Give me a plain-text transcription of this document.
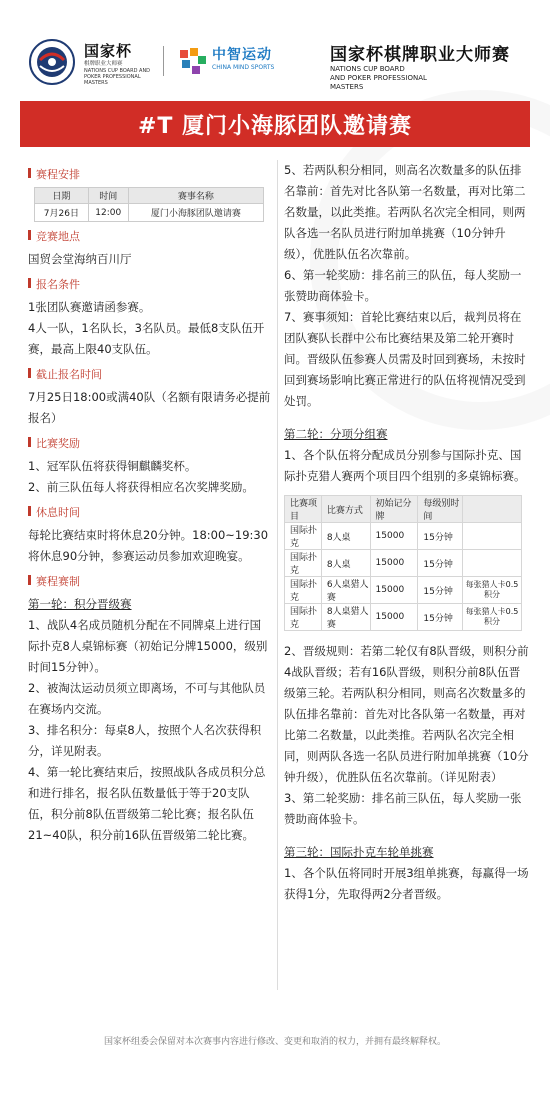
国家杯
棋牌职业大师赛
NATIONS CUP BOARD AND POKER PROFESSIONAL MASTERS
中智运动
CHINA MIND SPORTS
国家杯棋牌职业大师赛
NATIONS CUP BOARD
AND POKER PROFESSIONAL
MASTERS
#T 厦门小海豚团队邀请赛
赛程安排
日期	时间	赛事名称
7月26日	12:00	厦门小海豚团队邀请赛
竞赛地点
国贸会堂海纳百川厅
报名条件
1张团队赛邀请函参赛。
4人一队，1名队长，3名队员。最低8支队伍开赛，最高上限40支队伍。
截止报名时间
7月25日18:00或满40队（名额有限请务必提前报名）
比赛奖励
1、冠军队伍将获得铜麒麟奖杯。
2、前三队伍每人将获得相应名次奖牌奖励。
休息时间
每轮比赛结束时将休息20分钟。18:00~19:30将休息90分钟，参赛运动员参加欢迎晚宴。
赛程赛制
第一轮：积分晋级赛
1、战队4名成员随机分配在不同牌桌上进行国际扑克8人桌锦标赛（初始记分牌15000，级别时间15分钟）。
2、被淘汰运动员须立即离场，不可与其他队员在赛场内交流。
3、排名积分：每桌8人，按照个人名次获得积分，详见附表。
4、第一轮比赛结束后，按照战队各成员积分总和进行排名，报名队伍数量低于等于20支队伍，积分前8队伍晋级第二轮比赛；报名队伍21~40队，积分前16队伍晋级第二轮比赛。
5、若两队积分相同，则高名次数量多的队伍排名靠前：首先对比各队第一名数量，再对比第二名数量，以此类推。若两队名次完全相同，则两队各选一名队员进行附加单挑赛（10分钟升级），优胜队伍名次靠前。
6、第一轮奖励：排名前三的队伍，每人奖励一张赞助商体验卡。
7、赛事须知：首轮比赛结束以后，裁判员将在团队赛队长群中公布比赛结果及第二轮开赛时间。晋级队伍参赛人员需及时回到赛场，未按时回到赛场影响比赛正常进行的队伍将视情况受到处罚。
第二轮：分项分组赛
1、各个队伍将分配成员分别参与国际扑克、国际扑克猎人赛两个项目四个组别的多桌锦标赛。
比赛项目	比赛方式	初始记分牌	每级别时间	
国际扑克	8人桌	15000	15分钟	
国际扑克	8人桌	15000	15分钟	
国际扑克	6人桌猎人赛	15000	15分钟	每张猎人卡0.5积分
国际扑克	8人桌猎人赛	15000	15分钟	每张猎人卡0.5积分
2、晋级规则：若第二轮仅有8队晋级，则积分前4战队晋级；若有16队晋级，则积分前8队伍晋级第三轮。若两队积分相同，则高名次数量多的队伍排名靠前：首先对比各队第一名数量，再对比第二名数量，以此类推。若两队名次完全相同，则两队各选一名队员进行附加单挑赛（10分钟升级），优胜队伍名次靠前。（详见附表）
3、第二轮奖励：排名前三队伍，每人奖励一张赞助商体验卡。
第三轮：国际扑克车轮单挑赛
1、各个队伍将同时开展3组单挑赛，每赢得一场获得1分，先取得两2分者晋级。
国家杯组委会保留对本次赛事内容进行修改、变更和取消的权力，并拥有最终解释权。
